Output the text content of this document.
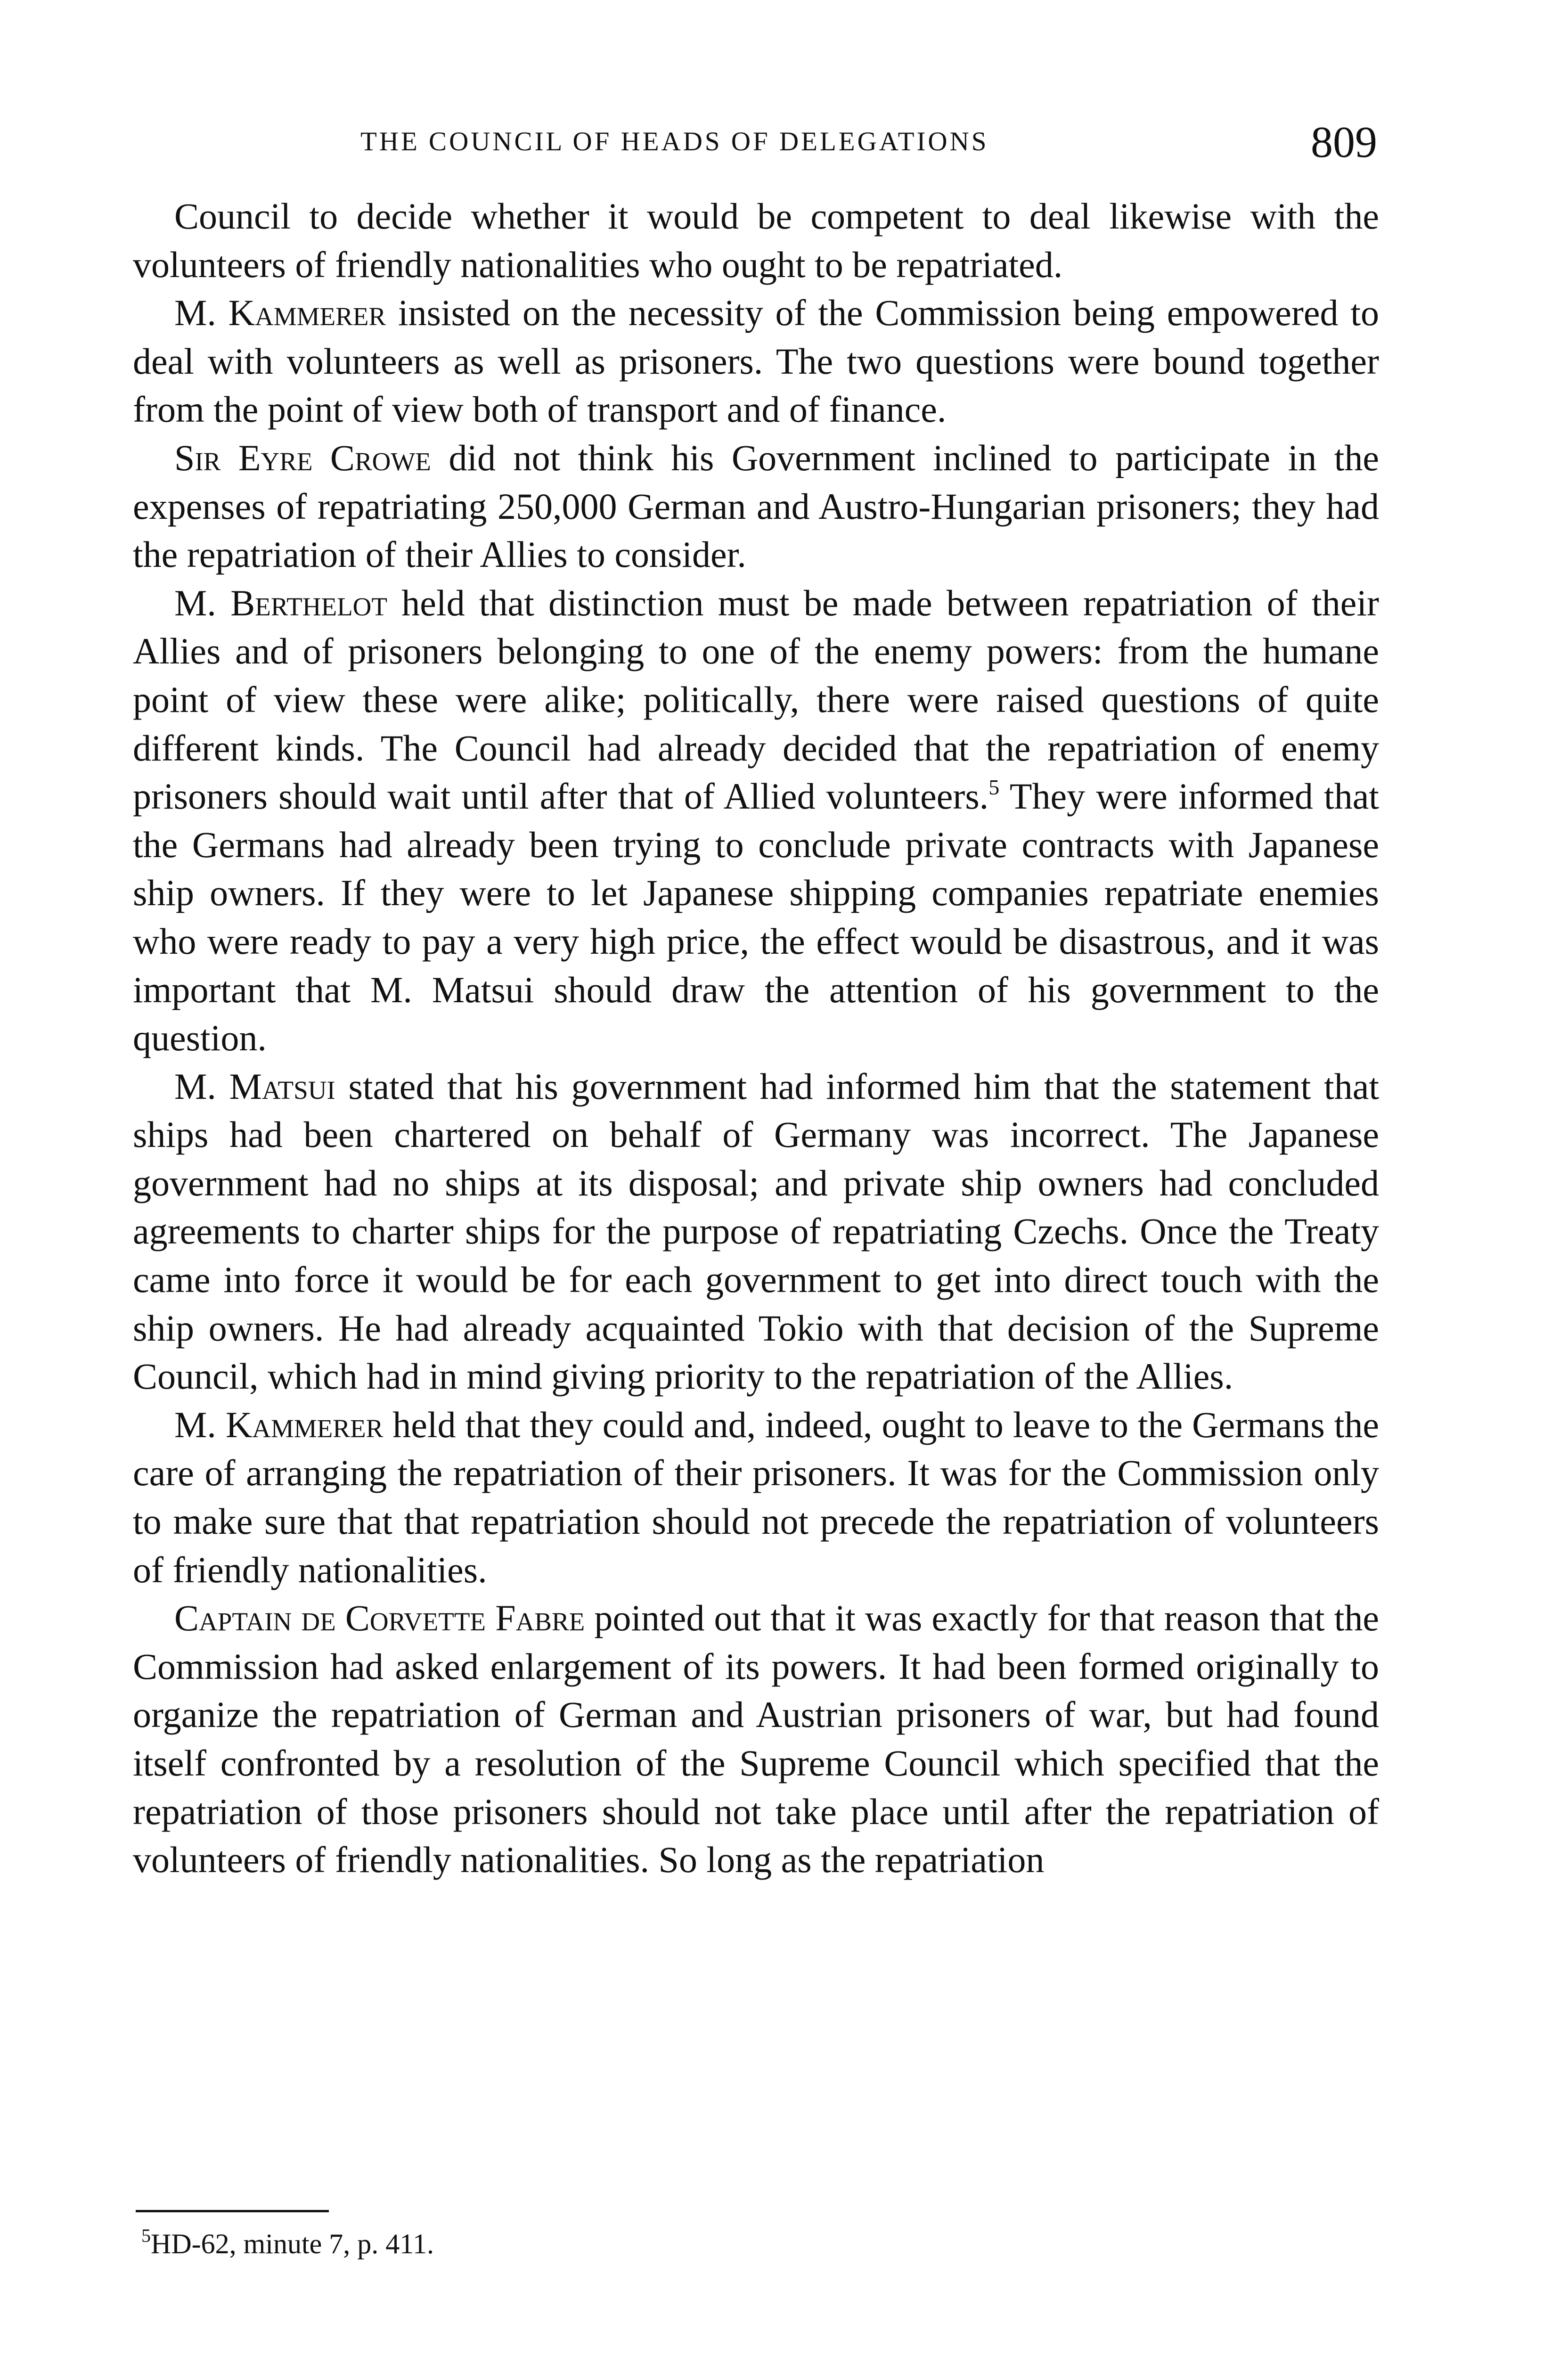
THE COUNCIL OF HEADS OF DELEGATIONS	809

Council to decide whether it would be competent to deal likewise with the volunteers of friendly nationalities who ought to be repatriated.

M. Kammerer insisted on the necessity of the Commission being empowered to deal with volunteers as well as prisoners. The two questions were bound together from the point of view both of transport and of finance.

Sir Eyre Crowe did not think his Government inclined to participate in the expenses of repatriating 250,000 German and Austro-Hungarian prisoners; they had the repatriation of their Allies to consider.

M. Berthelot held that distinction must be made between repatriation of their Allies and of prisoners belonging to one of the enemy powers: from the humane point of view these were alike; politically, there were raised questions of quite different kinds. The Council had already decided that the repatriation of enemy prisoners should wait until after that of Allied volunteers.$^5$ They were informed that the Germans had already been trying to conclude private contracts with Japanese ship owners. If they were to let Japanese shipping companies repatriate enemies who were ready to pay a very high price, the effect would be disastrous, and it was important that M. Matsui should draw the attention of his government to the question.

M. Matsui stated that his government had informed him that the statement that ships had been chartered on behalf of Germany was incorrect. The Japanese government had no ships at its disposal; and private ship owners had concluded agreements to charter ships for the purpose of repatriating Czechs. Once the Treaty came into force it would be for each government to get into direct touch with the ship owners. He had already acquainted Tokio with that decision of the Supreme Council, which had in mind giving priority to the repatriation of the Allies.

M. Kammerer held that they could and, indeed, ought to leave to the Germans the care of arranging the repatriation of their prisoners. It was for the Commission only to make sure that that repatriation should not precede the repatriation of volunteers of friendly nationalities.

Captain de Corvette Fabre pointed out that it was exactly for that reason that the Commission had asked enlargement of its powers. It had been formed originally to organize the repatriation of German and Austrian prisoners of war, but had found itself confronted by a resolution of the Supreme Council which specified that the repatriation of those prisoners should not take place until after the repatriation of volunteers of friendly nationalities. So long as the repatriation

$^5$HD-62, minute 7, p. 411.
